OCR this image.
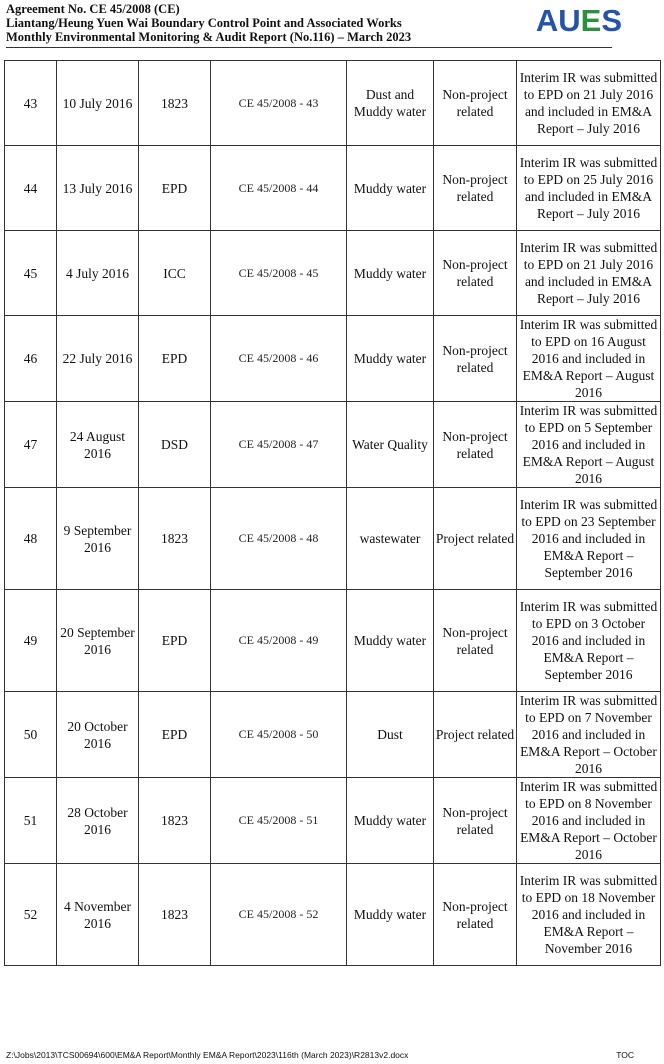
Agreement No. CE 45/2008 (CE)
Liantang/Heung Yuen Wai Boundary Control Point and Associated Works
Monthly Environmental Monitoring & Audit Report (No.116) – March 2023	AUES
43	10 July 2016	1823	CE 45/2008 - 43	Dust and Muddy water	Non-project related	Interim IR was submitted to EPD on 21 July 2016 and included in EM&A Report – July 2016
44	13 July 2016	EPD	CE 45/2008 - 44	Muddy water	Non-project related	Interim IR was submitted to EPD on 25 July 2016 and included in EM&A Report – July 2016
45	4 July 2016	ICC	CE 45/2008 - 45	Muddy water	Non-project related	Interim IR was submitted to EPD on 21 July 2016 and included in EM&A Report – July 2016
46	22 July 2016	EPD	CE 45/2008 - 46	Muddy water	Non-project related	Interim IR was submitted to EPD on 16 August 2016 and included in EM&A Report – August 2016
47	24 August 2016	DSD	CE 45/2008 - 47	Water Quality	Non-project related	Interim IR was submitted to EPD on 5 September 2016 and included in EM&A Report – August 2016
48	9 September 2016	1823	CE 45/2008 - 48	wastewater	Project related	Interim IR was submitted to EPD on 23 September 2016 and included in EM&A Report – September 2016
49	20 September 2016	EPD	CE 45/2008 - 49	Muddy water	Non-project related	Interim IR was submitted to EPD on 3 October 2016 and included in EM&A Report – September 2016
50	20 October 2016	EPD	CE 45/2008 - 50	Dust	Project related	Interim IR was submitted to EPD on 7 November 2016 and included in EM&A Report – October 2016
51	28 October 2016	1823	CE 45/2008 - 51	Muddy water	Non-project related	Interim IR was submitted to EPD on 8 November 2016 and included in EM&A Report – October 2016
52	4 November 2016	1823	CE 45/2008 - 52	Muddy water	Non-project related	Interim IR was submitted to EPD on 18 November 2016 and included in EM&A Report – November 2016
Z:\Jobs\2013\TCS00694\600\EM&A Report\Monthly EM&A Report\2023\116th (March 2023)\R2813v2.docx	TOC
